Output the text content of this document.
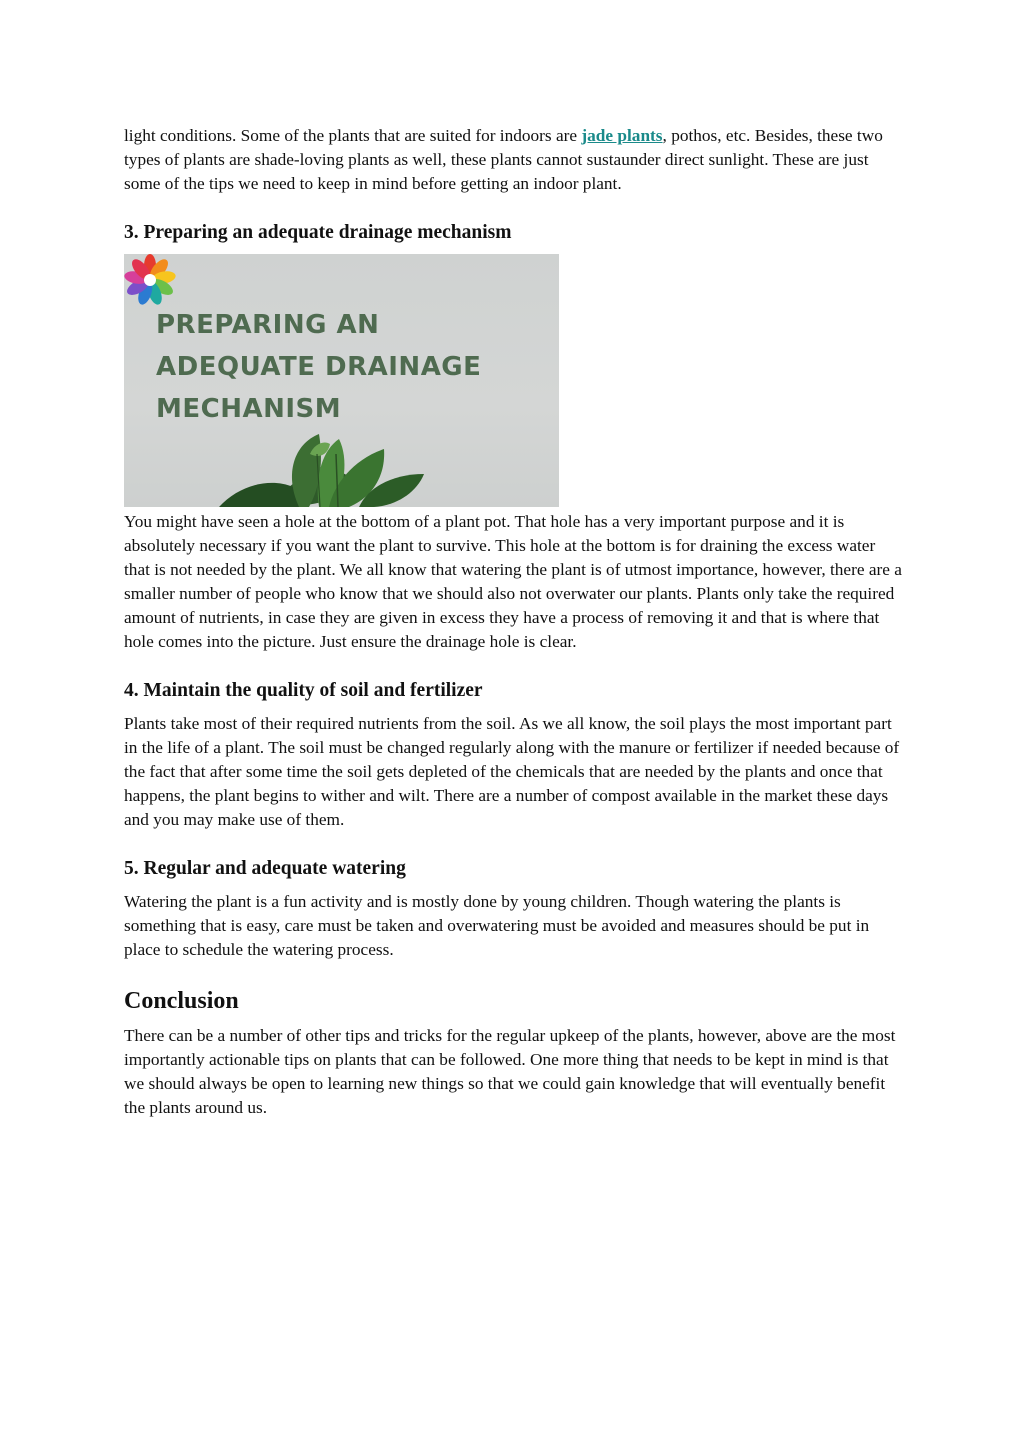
light conditions. Some of the plants that are suited for indoors are jade plants, pothos, etc. Besides, these two types of plants are shade-loving plants as well, these plants cannot sustaunder direct sunlight. These are just some of the tips we need to keep in mind before getting an indoor plant.

3. Preparing an adequate drainage mechanism
PREPARING AN
ADEQUATE DRAINAGE
MECHANISM

You might have seen a hole at the bottom of a plant pot. That hole has a very important purpose and it is absolutely necessary if you want the plant to survive. This hole at the bottom is for draining the excess water that is not needed by the plant. We all know that watering the plant is of utmost importance, however, there are a smaller number of people who know that we should also not overwater our plants. Plants only take the required amount of nutrients, in case they are given in excess they have a process of removing it and that is where that hole comes into the picture. Just ensure the drainage hole is clear.

4. Maintain the quality of soil and fertilizer

Plants take most of their required nutrients from the soil. As we all know, the soil plays the most important part in the life of a plant. The soil must be changed regularly along with the manure or fertilizer if needed because of the fact that after some time the soil gets depleted of the chemicals that are needed by the plants and once that happens, the plant begins to wither and wilt. There are a number of compost available in the market these days and you may make use of them.

5. Regular and adequate watering

Watering the plant is a fun activity and is mostly done by young children. Though watering the plants is something that is easy, care must be taken and overwatering must be avoided and measures should be put in place to schedule the watering process.

Conclusion

There can be a number of other tips and tricks for the regular upkeep of the plants, however, above are the most importantly actionable tips on plants that can be followed. One more thing that needs to be kept in mind is that we should always be open to learning new things so that we could gain knowledge that will eventually benefit the plants around us.
